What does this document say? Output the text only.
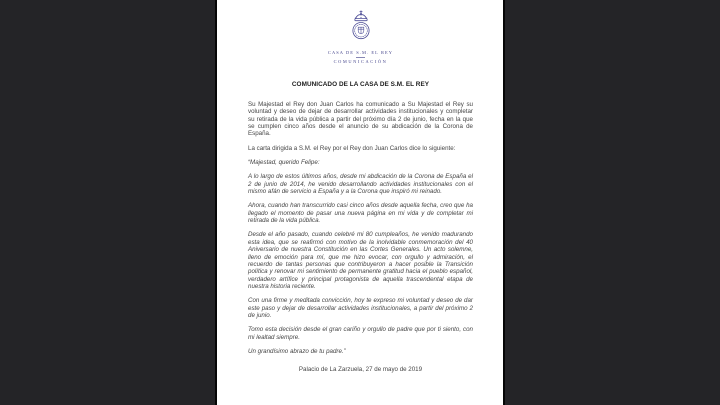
CASA DE S.M. EL REY
COMUNICACIÓN
COMUNICADO DE LA CASA DE S.M. EL REY

Su Majestad el Rey don Juan Carlos ha comunicado a Su Majestad el Rey su voluntad y deseo de dejar de desarrollar actividades institucionales y completar su retirada de la vida pública a partir del próximo día 2 de junio, fecha en la que se cumplen cinco años desde el anuncio de su abdicación de la Corona de España.

La carta dirigida a S.M. el Rey por el Rey don Juan Carlos dice lo siguiente:

“Majestad, querido Felipe:

A lo largo de estos últimos años, desde mi abdicación de la Corona de España el 2 de junio de 2014, he venido desarrollando actividades institucionales con el mismo afán de servicio a España y a la Corona que inspiró mi reinado.

Ahora, cuando han transcurrido casi cinco años desde aquella fecha, creo que ha llegado el momento de pasar una nueva página en mi vida y de completar mi retirada de la vida pública.

Desde el año pasado, cuando celebré mi 80 cumpleaños, he venido madurando esta idea, que se reafirmó con motivo de la inolvidable conmemoración del 40 Aniversario de nuestra Constitución en las Cortes Generales. Un acto solemne, lleno de emoción para mí, que me hizo evocar, con orgullo y admiración, el recuerdo de tantas personas que contribuyeron a hacer posible la Transición política y renovar mi sentimiento de permanente gratitud hacia el pueblo español, verdadero artífice y principal protagonista de aquella trascendental etapa de nuestra historia reciente.

Con una firme y meditada convicción, hoy te expreso mi voluntad y deseo de dar este paso y dejar de desarrollar actividades institucionales, a partir del próximo 2 de junio.

Tomo esta decisión desde el gran cariño y orgullo de padre que por ti siento, con mi lealtad siempre.

Un grandísimo abrazo de tu padre.”

Palacio de La Zarzuela, 27 de mayo de 2019
